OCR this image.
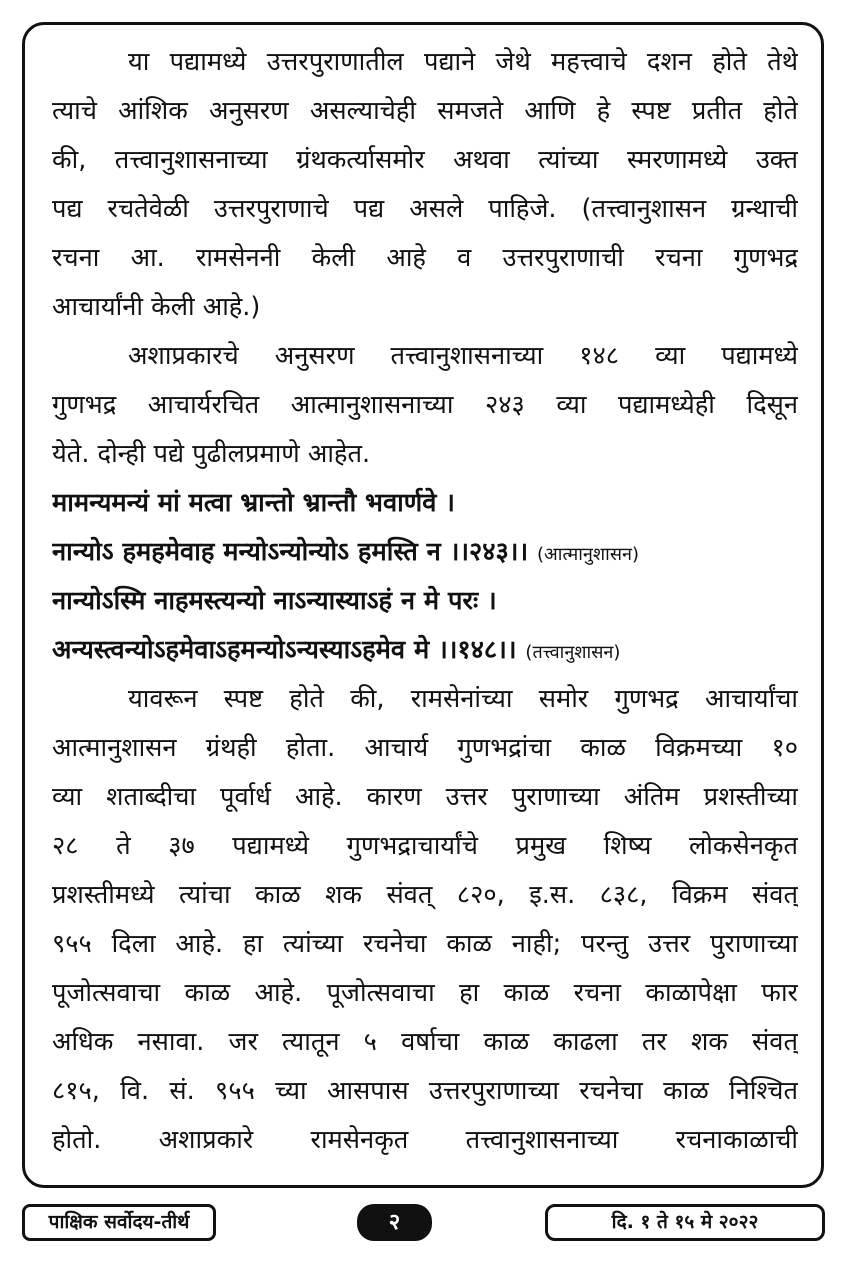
या पद्यामध्ये उत्तरपुराणातील पद्याने जेथे महत्त्वाचे दशन होते तेथे
त्याचे आंशिक अनुसरण असल्याचेही समजते आणि हे स्पष्ट प्रतीत होते
की, तत्त्वानुशासनाच्या ग्रंथकर्त्यासमोर अथवा त्यांच्या स्मरणामध्ये उक्त
पद्य रचतेवेळी उत्तरपुराणाचे पद्य असले पाहिजे. (तत्त्वानुशासन ग्रन्थाची
रचना आ. रामसेननी केली आहे व उत्तरपुराणाची रचना गुणभद्र
आचार्यांनी केली आहे.)
अशाप्रकारचे अनुसरण तत्त्वानुशासनाच्या १४८ व्या पद्यामध्ये
गुणभद्र आचार्यरचित आत्मानुशासनाच्या २४३ व्या पद्यामध्येही दिसून
येते. दोन्ही पद्ये पुढीलप्रमाणे आहेत.
मामन्यमन्यं मां मत्वा भ्रान्तो भ्रान्तौ भवार्णवे ।
नान्योऽ हमहमेवाह मन्योऽन्योन्योऽ हमस्ति न ।।२४३।। (आत्मानुशासन)
नान्योऽस्मि नाहमस्त्यन्यो नाऽन्यास्याऽहं न मे परः ।
अन्यस्त्वन्योऽहमेवाऽहमन्योऽन्यस्याऽहमेव मे ।।१४८।। (तत्त्वानुशासन)
यावरून स्पष्ट होते की, रामसेनांच्या समोर गुणभद्र आचार्यांचा
आत्मानुशासन ग्रंथही होता. आचार्य गुणभद्रांचा काळ विक्रमच्या १०
व्या शताब्दीचा पूर्वार्ध आहे. कारण उत्तर पुराणाच्या अंतिम प्रशस्तीच्या
२८ ते ३७ पद्यामध्ये गुणभद्राचार्यांचे प्रमुख शिष्य लोकसेनकृत
प्रशस्तीमध्ये त्यांचा काळ शक संवत् ८२०, इ.स. ८३८, विक्रम संवत्
९५५ दिला आहे. हा त्यांच्या रचनेचा काळ नाही; परन्तु उत्तर पुराणाच्या
पूजोत्सवाचा काळ आहे. पूजोत्सवाचा हा काळ रचना काळापेक्षा फार
अधिक नसावा. जर त्यातून ५ वर्षाचा काळ काढला तर शक संवत्
८१५, वि. सं. ९५५ च्या आसपास उत्तरपुराणाच्या रचनेचा काळ निश्चित
होतो. अशाप्रकारे रामसेनकृत तत्त्वानुशासनाच्या रचनाकाळाची
पाक्षिक सर्वोदय-तीर्थ	२	दि. १ ते १५ मे २०२२
